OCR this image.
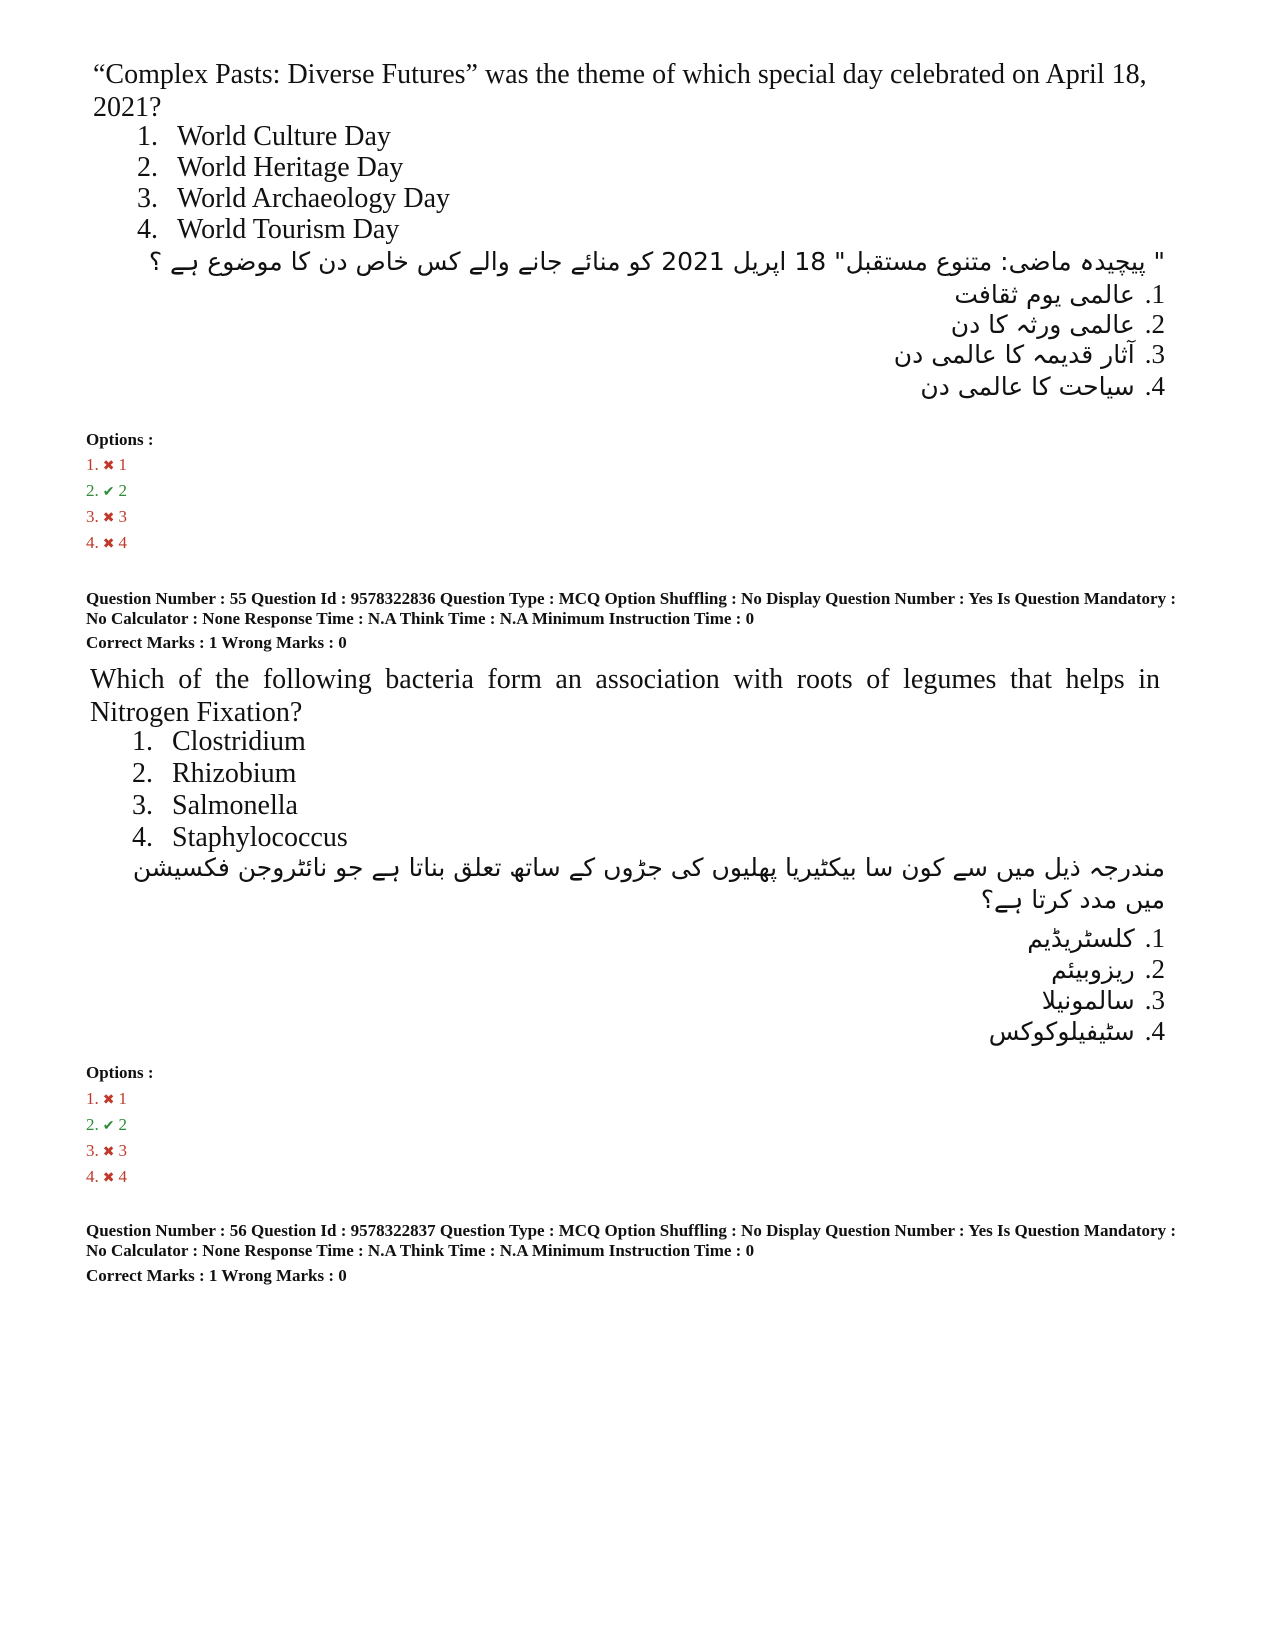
“Complex Pasts: Diverse Futures” was the theme of which special day celebrated on April 18, 2021?
1. World Culture Day
2. World Heritage Day
3. World Archaeology Day
4. World Tourism Day
" پیچیدہ ماضی: متنوع مستقبل" 18 اپریل 2021 کو منائے جانے والے کس خاص دن کا موضوع ہے ؟
1.عالمی یوم ثقافت
2.عالمی ورثہ کا دن
3.آثار قدیمہ کا عالمی دن
4.سیاحت کا عالمی دن
Options :
1. ✖ 1
2. ✔ 2
3. ✖ 3
4. ✖ 4
Question Number : 55 Question Id : 9578322836 Question Type : MCQ Option Shuffling : No Display Question Number : Yes Is Question Mandatory : No Calculator : None Response Time : N.A Think Time : N.A Minimum Instruction Time : 0
Correct Marks : 1 Wrong Marks : 0
Which of the following bacteria form an association with roots of legumes that helps in Nitrogen Fixation?
1. Clostridium
2. Rhizobium
3. Salmonella
4. Staphylococcus
مندرجہ ذیل میں سے کون سا بیکٹیریا پھلیوں کی جڑوں کے ساتھ تعلق بناتا ہے جو نائٹروجن فکسیشن میں مدد کرتا ہے؟
1.کلسٹریڈیم
2.ریزوبیئم
3.سالمونیلا
4.سٹیفیلوکوکس
Options :
1. ✖ 1
2. ✔ 2
3. ✖ 3
4. ✖ 4
Question Number : 56 Question Id : 9578322837 Question Type : MCQ Option Shuffling : No Display Question Number : Yes Is Question Mandatory : No Calculator : None Response Time : N.A Think Time : N.A Minimum Instruction Time : 0
Correct Marks : 1 Wrong Marks : 0
